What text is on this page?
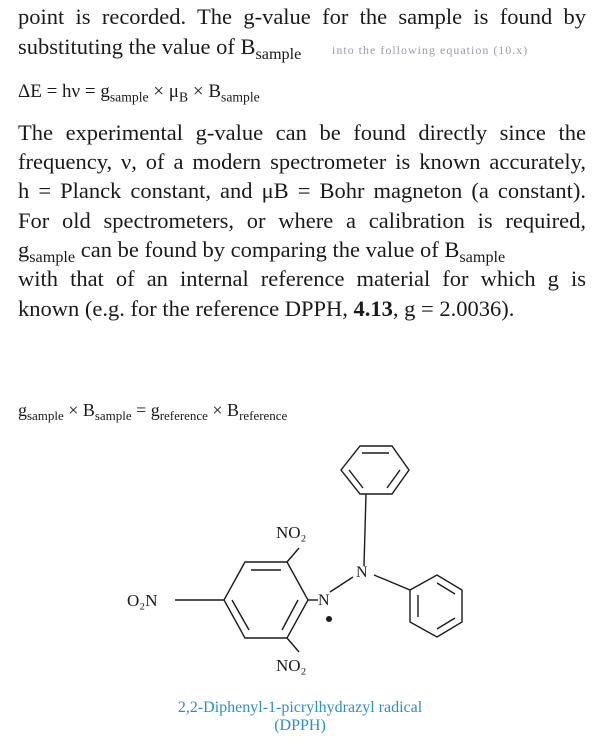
point is recorded. The g-value for the sample is found by
substituting the value of $B_{sample}$	into the following equation (10.x)
$\Delta E = h\nu = g_{sample} \times \mu_B \times B_{sample}$
The experimental g-value can be found directly since the
frequency, ν, of a modern spectrometer is known accurately,
h = Planck constant, and μB = Bohr magneton (a constant).
For old spectrometers, or where a calibration is required,
$g_{sample}$ can be found by comparing the value of $B_{sample}$
with that of an internal reference material for which g is
known (e.g. for the reference DPPH, 4.13, g = 2.0036).
$g_{sample} \times B_{sample} = g_{reference} \times B_{reference}$
NO₂
O₂N
N
N
NO₂
2,2-Diphenyl-1-picrylhydrazyl radical
(DPPH)
